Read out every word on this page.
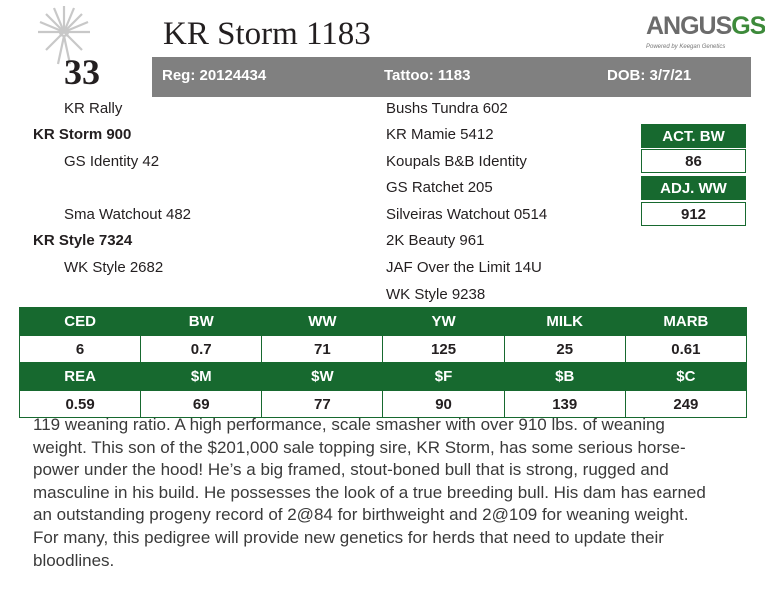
33
KR Storm 1183	ANGUSGS
Powered by Keegan Genetics
Reg: 20124434	Tattoo: 1183	DOB: 3/7/21
KR Rally
KR Storm 900
GS Identity 42
Sma Watchout 482
KR Style 7324
WK Style 2682
Bushs Tundra 602
KR Mamie 5412
Koupals B&B Identity
GS Ratchet 205
Silveiras Watchout 0514
2K Beauty 961
JAF Over the Limit 14U
WK Style 9238
ACT. BW
86
ADJ. WW
912
CED	BW	WW	YW	MILK	MARB
6	0.7	71	125	25	0.61
REA	$M	$W	$F	$B	$C
0.59	69	77	90	139	249
119 weaning ratio. A high performance, scale smasher with over 910 lbs. of weaning
weight. This son of the $201,000 sale topping sire, KR Storm, has some serious horse-
power under the hood! He’s a big framed, stout-boned bull that is strong, rugged and
masculine in his build. He possesses the look of a true breeding bull. His dam has earned
an outstanding progeny record of 2@84 for birthweight and 2@109 for weaning weight.
For many, this pedigree will provide new genetics for herds that need to update their
bloodlines.
